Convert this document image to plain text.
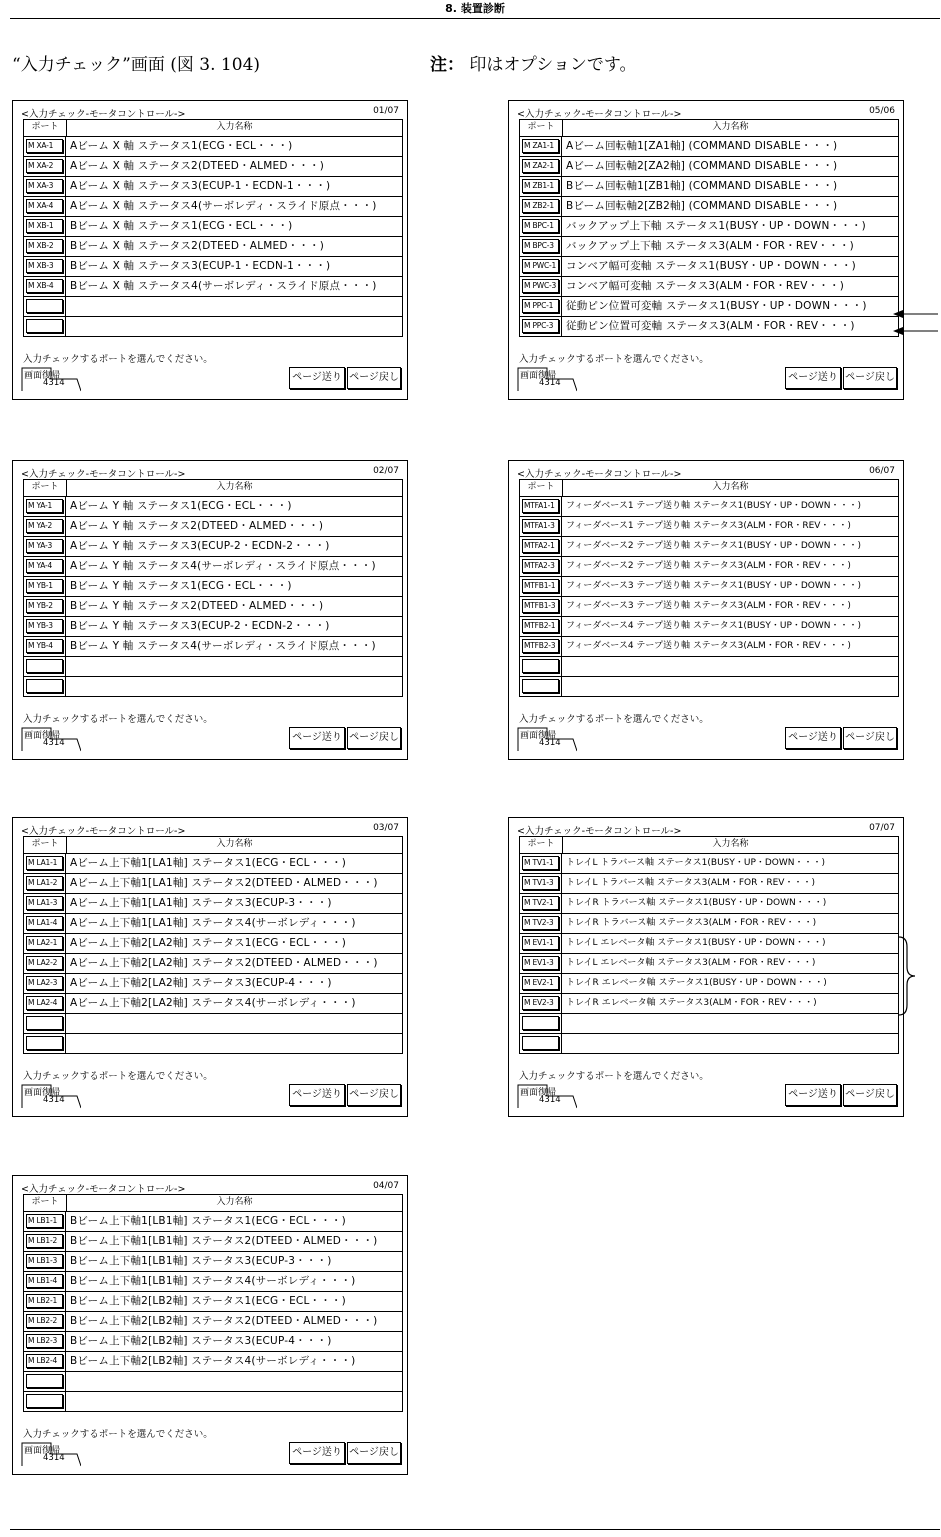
8. 装置診断
“入力チェック”画面 (図 3. 104)	注： 印はオプションです。
<入力チェック-モータコントロール->	01/07
ポート	入力名称
M XA-1	Aビーム X 軸 ステータス1(ECG・ECL・・・)
M XA-2	Aビーム X 軸 ステータス2(DTEED・ALMED・・・)
M XA-3	Aビーム X 軸 ステータス3(ECUP-1・ECDN-1・・・)
M XA-4	Aビーム X 軸 ステータス4(サーボレディ・スライド原点・・・)
M XB-1	Bビーム X 軸 ステータス1(ECG・ECL・・・)
M XB-2	Bビーム X 軸 ステータス2(DTEED・ALMED・・・)
M XB-3	Bビーム X 軸 ステータス3(ECUP-1・ECDN-1・・・)
M XB-4	Bビーム X 軸 ステータス4(サーボレディ・スライド原点・・・)
入力チェックするポートを選んでください。
画面復帰
4314	ページ送り ページ戻し
<入力チェック-モータコントロール->	05/06
ポート	入力名称
M ZA1-1	Aビーム回転軸1[ZA1軸] (COMMAND DISABLE・・・)
M ZA2-1	Aビーム回転軸2[ZA2軸] (COMMAND DISABLE・・・)
M ZB1-1	Bビーム回転軸1[ZB1軸] (COMMAND DISABLE・・・)
M ZB2-1	Bビーム回転軸2[ZB2軸] (COMMAND DISABLE・・・)
M BPC-1	バックアップ上下軸 ステータス1(BUSY・UP・DOWN・・・)
M BPC-3	バックアップ上下軸 ステータス3(ALM・FOR・REV・・・)
M PWC-1 コンベア幅可変軸 ステータス1(BUSY・UP・DOWN・・・)
M PWC-3 コンベア幅可変軸 ステータス3(ALM・FOR・REV・・・)
M PPC-1	従動ピン位置可変軸 ステータス1(BUSY・UP・DOWN・・・)
M PPC-3	従動ピン位置可変軸 ステータス3(ALM・FOR・REV・・・)
入力チェックするポートを選んでください。
画面復帰
4314	ページ送り ページ戻し
<入力チェック-モータコントロール->	02/07
ポート	入力名称
M YA-1	Aビーム Y 軸 ステータス1(ECG・ECL・・・)
M YA-2	Aビーム Y 軸 ステータス2(DTEED・ALMED・・・)
M YA-3	Aビーム Y 軸 ステータス3(ECUP-2・ECDN-2・・・)
M YA-4	Aビーム Y 軸 ステータス4(サーボレディ・スライド原点・・・)
M YB-1	Bビーム Y 軸 ステータス1(ECG・ECL・・・)
M YB-2	Bビーム Y 軸 ステータス2(DTEED・ALMED・・・)
M YB-3	Bビーム Y 軸 ステータス3(ECUP-2・ECDN-2・・・)
M YB-4	Bビーム Y 軸 ステータス4(サーボレディ・スライド原点・・・)
入力チェックするポートを選んでください。
画面復帰
4314	ページ送り ページ戻し
<入力チェック-モータコントロール->	06/07
ポート	入力名称
MTFA1-1	フィーダベース1 テープ送り軸 ステータス1(BUSY・UP・DOWN・・・)
MTFA1-3	フィーダベース1 テープ送り軸 ステータス3(ALM・FOR・REV・・・)
MTFA2-1	フィーダベース2 テープ送り軸 ステータス1(BUSY・UP・DOWN・・・)
MTFA2-3	フィーダベース2 テープ送り軸 ステータス3(ALM・FOR・REV・・・)
MTFB1-1	フィーダベース3 テープ送り軸 ステータス1(BUSY・UP・DOWN・・・)
MTFB1-3	フィーダベース3 テープ送り軸 ステータス3(ALM・FOR・REV・・・)
MTFB2-1	フィーダベース4 テープ送り軸 ステータス1(BUSY・UP・DOWN・・・)
MTFB2-3	フィーダベース4 テープ送り軸 ステータス3(ALM・FOR・REV・・・)
入力チェックするポートを選んでください。
画面復帰
4314	ページ送り ページ戻し
<入力チェック-モータコントロール->	03/07
ポート	入力名称
M LA1-1	Aビーム上下軸1[LA1軸] ステータス1(ECG・ECL・・・)
M LA1-2	Aビーム上下軸1[LA1軸] ステータス2(DTEED・ALMED・・・)
M LA1-3	Aビーム上下軸1[LA1軸] ステータス3(ECUP-3・・・)
M LA1-4	Aビーム上下軸1[LA1軸] ステータス4(サーボレディ・・・)
M LA2-1	Aビーム上下軸2[LA2軸] ステータス1(ECG・ECL・・・)
M LA2-2	Aビーム上下軸2[LA2軸] ステータス2(DTEED・ALMED・・・)
M LA2-3	Aビーム上下軸2[LA2軸] ステータス3(ECUP-4・・・)
M LA2-4	Aビーム上下軸2[LA2軸] ステータス4(サーボレディ・・・)
入力チェックするポートを選んでください。
画面復帰
4314	ページ送り ページ戻し
<入力チェック-モータコントロール->	07/07
ポート	入力名称
M TV1-1	トレイL トラバース軸 ステータス1(BUSY・UP・DOWN・・・)
M TV1-3	トレイL トラバース軸 ステータス3(ALM・FOR・REV・・・)
M TV2-1	トレイR トラバース軸 ステータス1(BUSY・UP・DOWN・・・)
M TV2-3	トレイR トラバース軸 ステータス3(ALM・FOR・REV・・・)
M EV1-1	トレイL エレベータ軸 ステータス1(BUSY・UP・DOWN・・・)
M EV1-3	トレイL エレベータ軸 ステータス3(ALM・FOR・REV・・・)
M EV2-1	トレイR エレベータ軸 ステータス1(BUSY・UP・DOWN・・・)
M EV2-3	トレイR エレベータ軸 ステータス3(ALM・FOR・REV・・・)
入力チェックするポートを選んでください。
画面復帰
4314	ページ送り ページ戻し
<入力チェック-モータコントロール->	04/07
ポート	入力名称
M LB1-1	Bビーム上下軸1[LB1軸] ステータス1(ECG・ECL・・・)
M LB1-2	Bビーム上下軸1[LB1軸] ステータス2(DTEED・ALMED・・・)
M LB1-3	Bビーム上下軸1[LB1軸] ステータス3(ECUP-3・・・)
M LB1-4	Bビーム上下軸1[LB1軸] ステータス4(サーボレディ・・・)
M LB2-1	Bビーム上下軸2[LB2軸] ステータス1(ECG・ECL・・・)
M LB2-2	Bビーム上下軸2[LB2軸] ステータス2(DTEED・ALMED・・・)
M LB2-3	Bビーム上下軸2[LB2軸] ステータス3(ECUP-4・・・)
M LB2-4	Bビーム上下軸2[LB2軸] ステータス4(サーボレディ・・・)
入力チェックするポートを選んでください。
画面復帰
4314	ページ送り ページ戻し
